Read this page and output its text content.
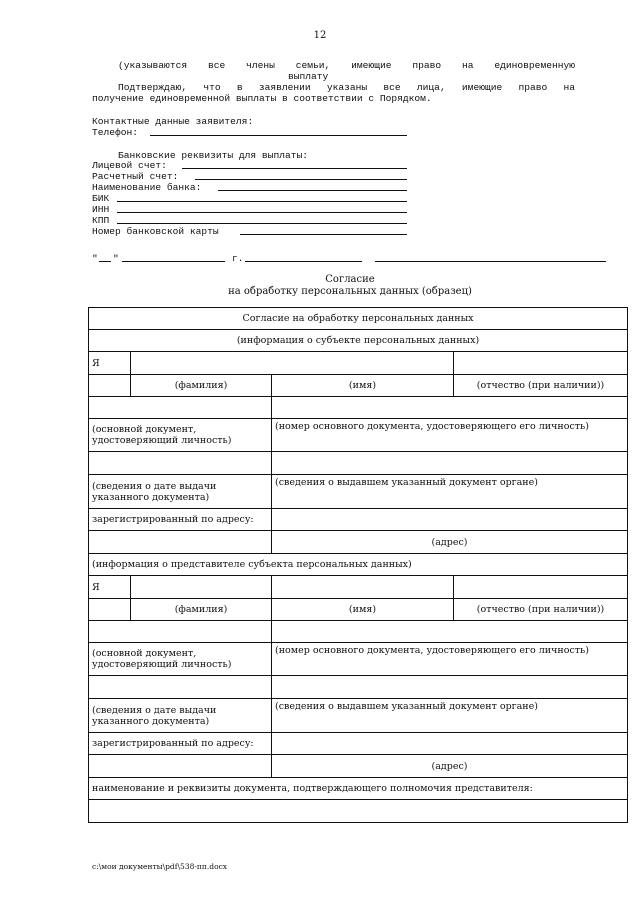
12
(указываются все члены семьи, имеющие право на единовременную
выплату
Подтверждаю, что в заявлении указаны все лица, имеющие право на
получение единовременной выплаты в соответствии с Порядком.
Контактные данные заявителя:
Телефон:
Банковские реквизиты для выплаты:
Лицевой счет:
Расчетный счет:
Наименование банка:
БИК
ИНН
КПП
Номер банковской карты
" "	г.
Согласие
на обработку персональных данных (образец)
Согласие на обработку персональных данных			
(информация о субъекте персональных данных)			
Я			
	(фамилия)	(имя)	(отчество (при наличии))

(основной документ, удостоверяющий личность)		(номер основного документа, удостоверяющего его личность)	

(сведения о дате выдачи указанного документа)		(сведения о выдавшем указанный документ органе)	
зарегистрированный по адресу:			
		(адрес)	
(информация о представителе субъекта персональных данных)			
Я			
	(фамилия)	(имя)	(отчество (при наличии))

(основной документ, удостоверяющий личность)		(номер основного документа, удостоверяющего его личность)	

(сведения о дате выдачи указанного документа)		(сведения о выдавшем указанный документ органе)	
зарегистрированный по адресу:			
		(адрес)	
наименование и реквизиты документа, подтверждающего полномочия представителя:			

c:\мои документы\pdf\538-пп.docx
